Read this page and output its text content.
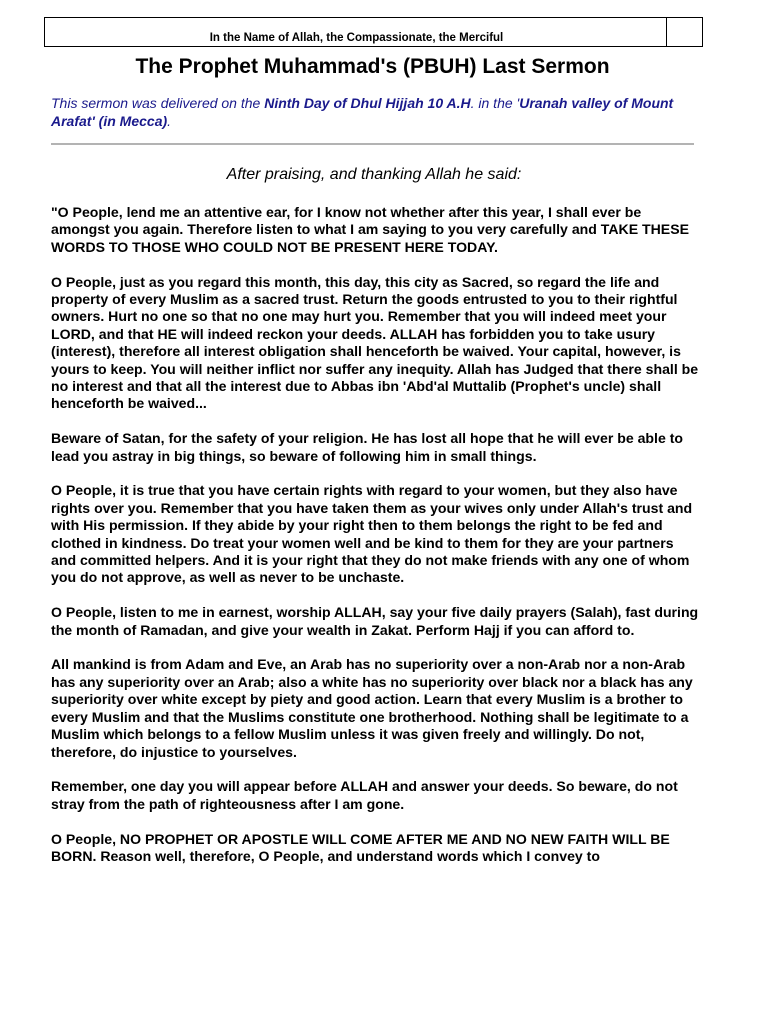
In the Name of Allah, the Compassionate, the Merciful
The Prophet Muhammad's (PBUH) Last Sermon
This sermon was delivered on the Ninth Day of Dhul Hijjah 10 A.H. in the 'Uranah valley of Mount Arafat' (in Mecca).
After praising, and thanking Allah he said:

"O People, lend me an attentive ear, for I know not whether after this year, I shall ever be amongst you again. Therefore listen to what I am saying to you very carefully and TAKE THESE WORDS TO THOSE WHO COULD NOT BE PRESENT HERE TODAY.

O People, just as you regard this month, this day, this city as Sacred, so regard the life and property of every Muslim as a sacred trust. Return the goods entrusted to you to their rightful owners. Hurt no one so that no one may hurt you. Remember that you will indeed meet your LORD, and that HE will indeed reckon your deeds. ALLAH has forbidden you to take usury (interest), therefore all interest obligation shall henceforth be waived. Your capital, however, is yours to keep. You will neither inflict nor suffer any inequity. Allah has Judged that there shall be no interest and that all the interest due to Abbas ibn 'Abd'al Muttalib (Prophet's uncle) shall henceforth be waived...

Beware of Satan, for the safety of your religion. He has lost all hope that he will ever be able to lead you astray in big things, so beware of following him in small things.

O People, it is true that you have certain rights with regard to your women, but they also have rights over you. Remember that you have taken them as your wives only under Allah's trust and with His permission. If they abide by your right then to them belongs the right to be fed and clothed in kindness. Do treat your women well and be kind to them for they are your partners and committed helpers. And it is your right that they do not make friends with any one of whom you do not approve, as well as never to be unchaste.

O People, listen to me in earnest, worship ALLAH, say your five daily prayers (Salah), fast during the month of Ramadan, and give your wealth in Zakat. Perform Hajj if you can afford to.

All mankind is from Adam and Eve, an Arab has no superiority over a non-Arab nor a non-Arab has any superiority over an Arab; also a white has no superiority over black nor a black has any superiority over white except by piety and good action. Learn that every Muslim is a brother to every Muslim and that the Muslims constitute one brotherhood. Nothing shall be legitimate to a Muslim which belongs to a fellow Muslim unless it was given freely and willingly. Do not, therefore, do injustice to yourselves.

Remember, one day you will appear before ALLAH and answer your deeds. So beware, do not stray from the path of righteousness after I am gone.

O People, NO PROPHET OR APOSTLE WILL COME AFTER ME AND NO NEW FAITH WILL BE BORN. Reason well, therefore, O People, and understand words which I convey to
